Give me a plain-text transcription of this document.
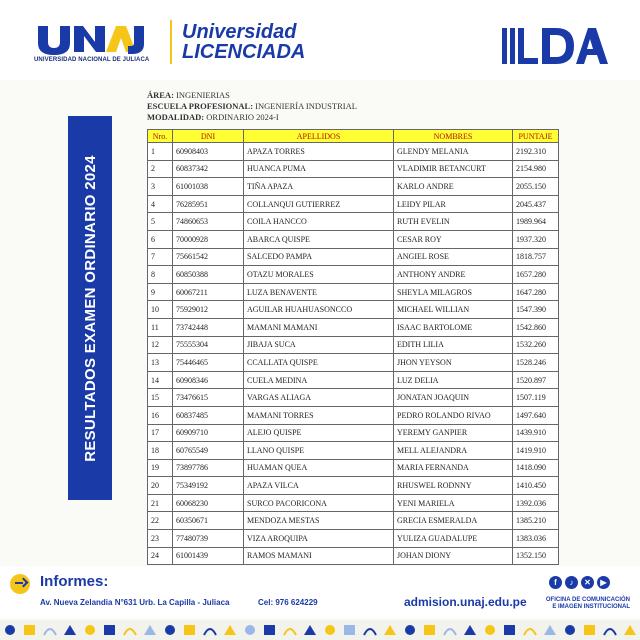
UNIVERSIDAD NACIONAL DE JULIACA
Universidad
LICENCIADA
RESULTADOS EXAMEN ORDINARIO 2024
ÁREA: INGENIERIAS
ESCUELA PROFESIONAL: INGENIERÍA INDUSTRIAL
MODALIDAD: ORDINARIO 2024-I
Nro.	DNI	APELLIDOS	NOMBRES	PUNTAJE
1	60908403	APAZA TORRES	GLENDY MELANIA	2192.310
2	60837342	HUANCA PUMA	VLADIMIR BETANCURT	2154.980
3	61001038	TIÑA APAZA	KARLO ANDRE	2055.150
4	76285951	COLLANQUI GUTIERREZ	LEIDY PILAR	2045.437
5	74860653	COILA HANCCO	RUTH EVELIN	1989.964
6	70000928	ABARCA QUISPE	CESAR ROY	1937.320
7	75661542	SALCEDO PAMPA	ANGIEL ROSE	1818.757
8	60850388	OTAZU MORALES	ANTHONY ANDRE	1657.280
9	60067211	LUZA BENAVENTE	SHEYLA MILAGROS	1647.280
10	75929012	AGUILAR HUAHUASONCCO	MICHAEL WILLIAN	1547.390
11	73742448	MAMANI MAMANI	ISAAC BARTOLOME	1542.860
12	75555304	JIBAJA SUCA	EDITH LILIA	1532.260
13	75446465	CCALLATA QUISPE	JHON YEYSON	1528.246
14	60908346	CUELA MEDINA	LUZ DELIA	1520.897
15	73476615	VARGAS ALIAGA	JONATAN JOAQUIN	1507.119
16	60837485	MAMANI TORRES	PEDRO ROLANDO RIVAO	1497.640
17	60909710	ALEJO QUISPE	YEREMY GANPIER	1439.910
18	60765549	LLANO QUISPE	MELL ALEJANDRA	1419.910
19	73897786	HUAMAN QUEA	MARIA FERNANDA	1418.090
20	75349192	APAZA VILCA	RHUSWEL RODNNY	1410.450
21	60068230	SURCO PACORICONA	YENI MARIELA	1392.036
22	60350671	MENDOZA MESTAS	GRECIA ESMERALDA	1385.210
23	77480739	VIZA AROQUIPA	YULIZA GUADALUPE	1383.036
24	61001439	RAMOS MAMANI	JOHAN DIONY	1352.150
Informes:
Av. Nueva Zelandia N°631 Urb. La Capilla - Juliaca	Cel: 976 624229	admision.unaj.edu.pe
f	♪	✕	▶
OFICINA DE COMUNICACIÓN
E IMAGEN INSTITUCIONAL
